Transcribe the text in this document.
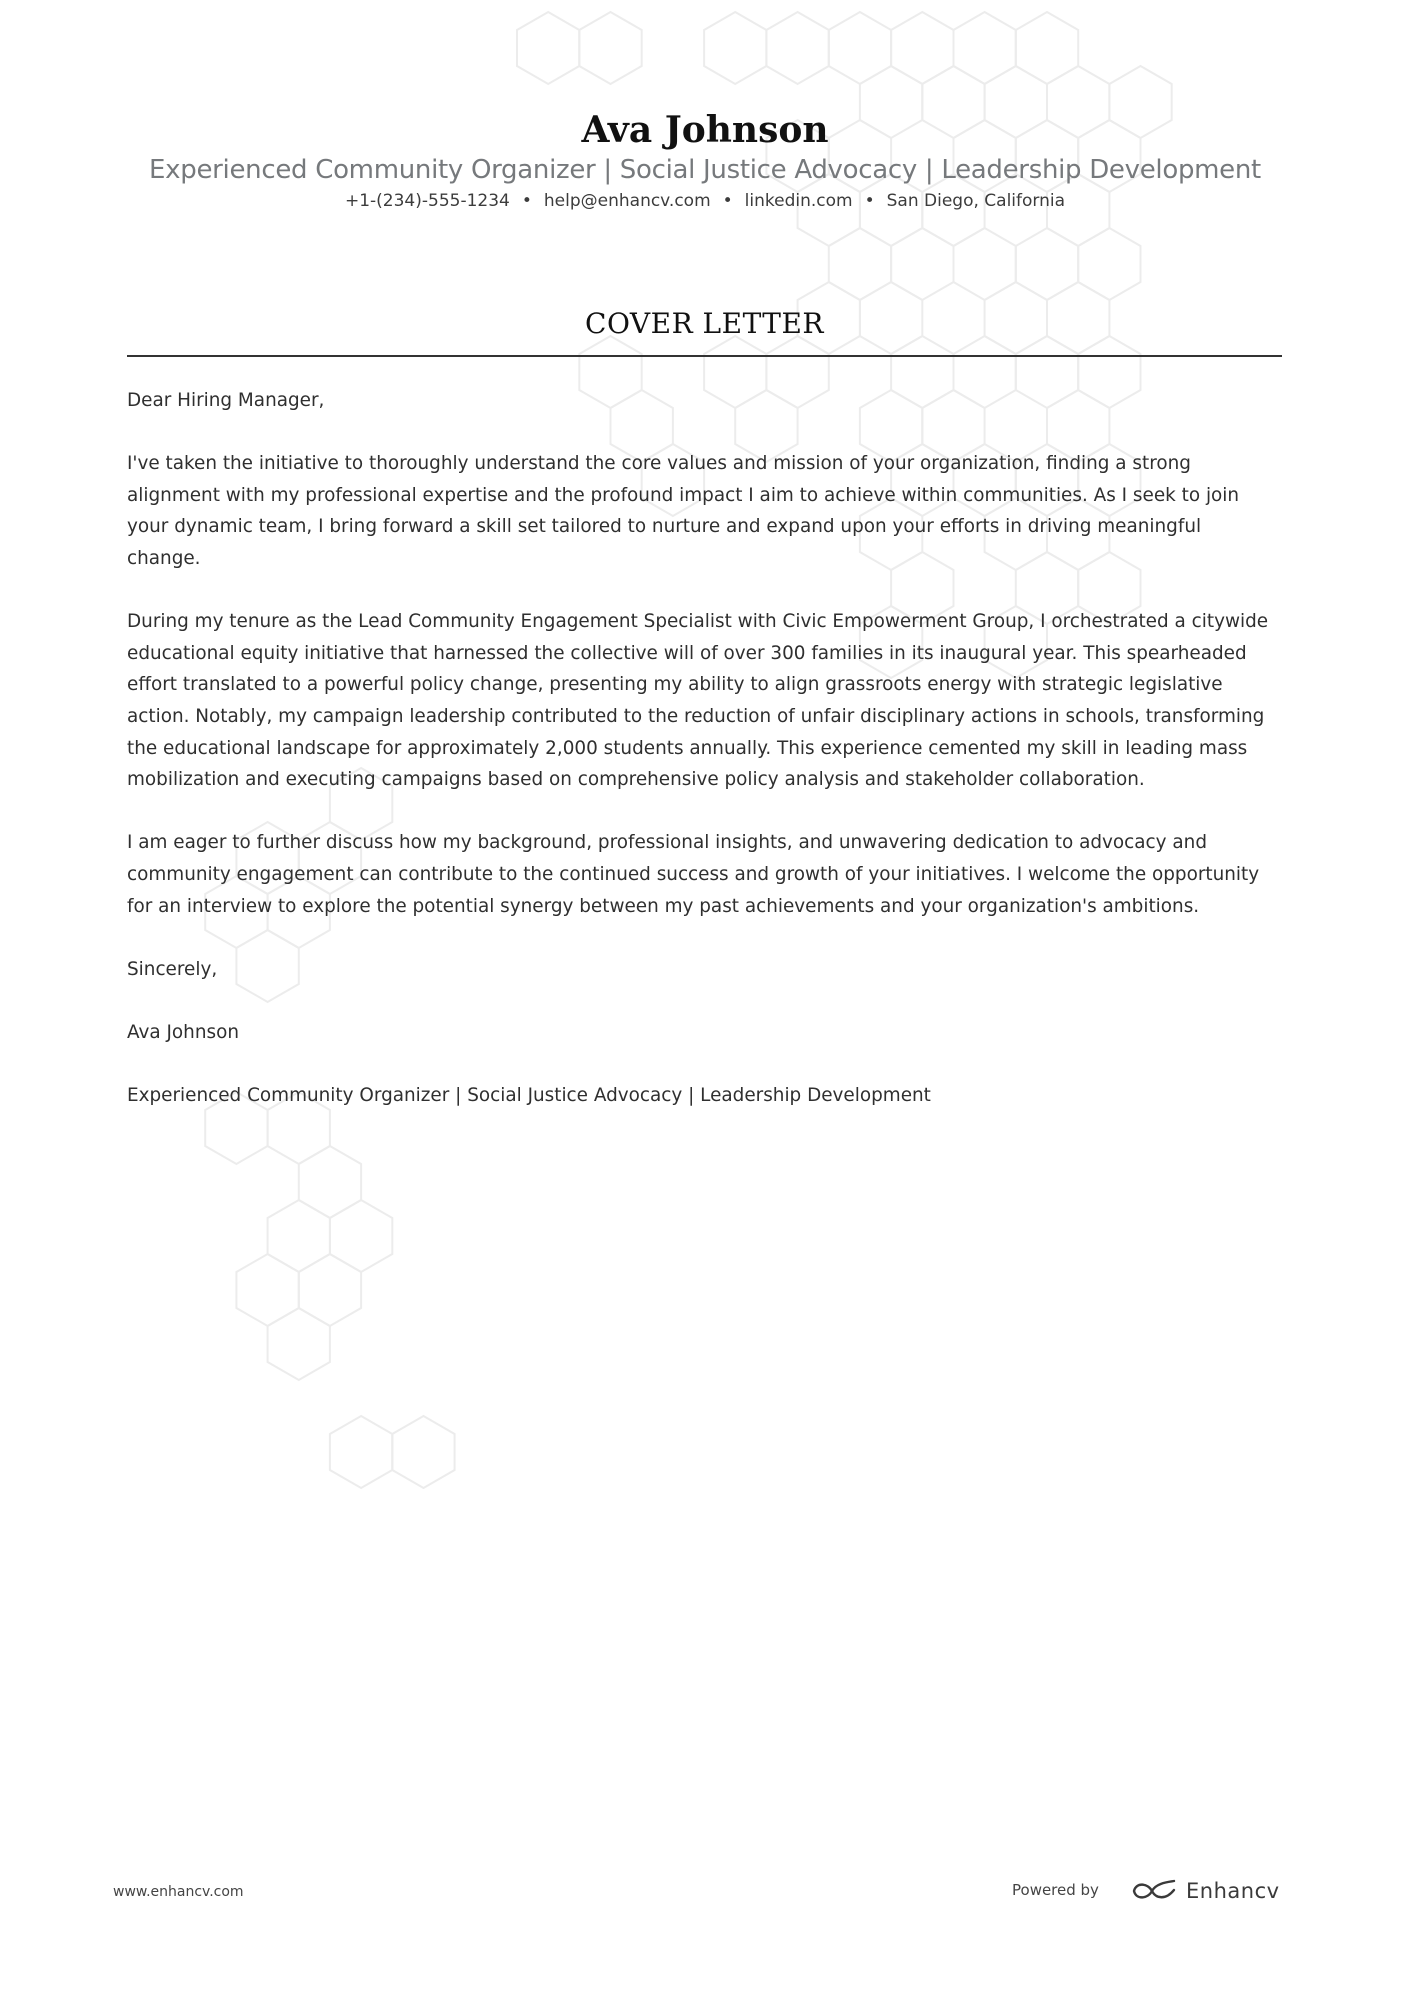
Ava Johnson
Experienced Community Organizer | Social Justice Advocacy | Leadership Development
+1-(234)-555-1234 • help@enhancv.com • linkedin.com • San Diego, California
COVER LETTER

Dear Hiring Manager,

I've taken the initiative to thoroughly understand the core values and mission of your organization, finding a strong alignment with my professional expertise and the profound impact I aim to achieve within communities. As I seek to join your dynamic team, I bring forward a skill set tailored to nurture and expand upon your efforts in driving meaningful change.

During my tenure as the Lead Community Engagement Specialist with Civic Empowerment Group, I orchestrated a citywide educational equity initiative that harnessed the collective will of over 300 families in its inaugural year. This spearheaded effort translated to a powerful policy change, presenting my ability to align grassroots energy with strategic legislative action. Notably, my campaign leadership contributed to the reduction of unfair disciplinary actions in schools, transforming the educational landscape for approximately 2,000 students annually. This experience cemented my skill in leading mass mobilization and executing campaigns based on comprehensive policy analysis and stakeholder collaboration.

I am eager to further discuss how my background, professional insights, and unwavering dedication to advocacy and community engagement can contribute to the continued success and growth of your initiatives. I welcome the opportunity for an interview to explore the potential synergy between my past achievements and your organization's ambitions.

Sincerely,

Ava Johnson

Experienced Community Organizer | Social Justice Advocacy | Leadership Development

www.enhancv.com	Powered by	Enhancv
